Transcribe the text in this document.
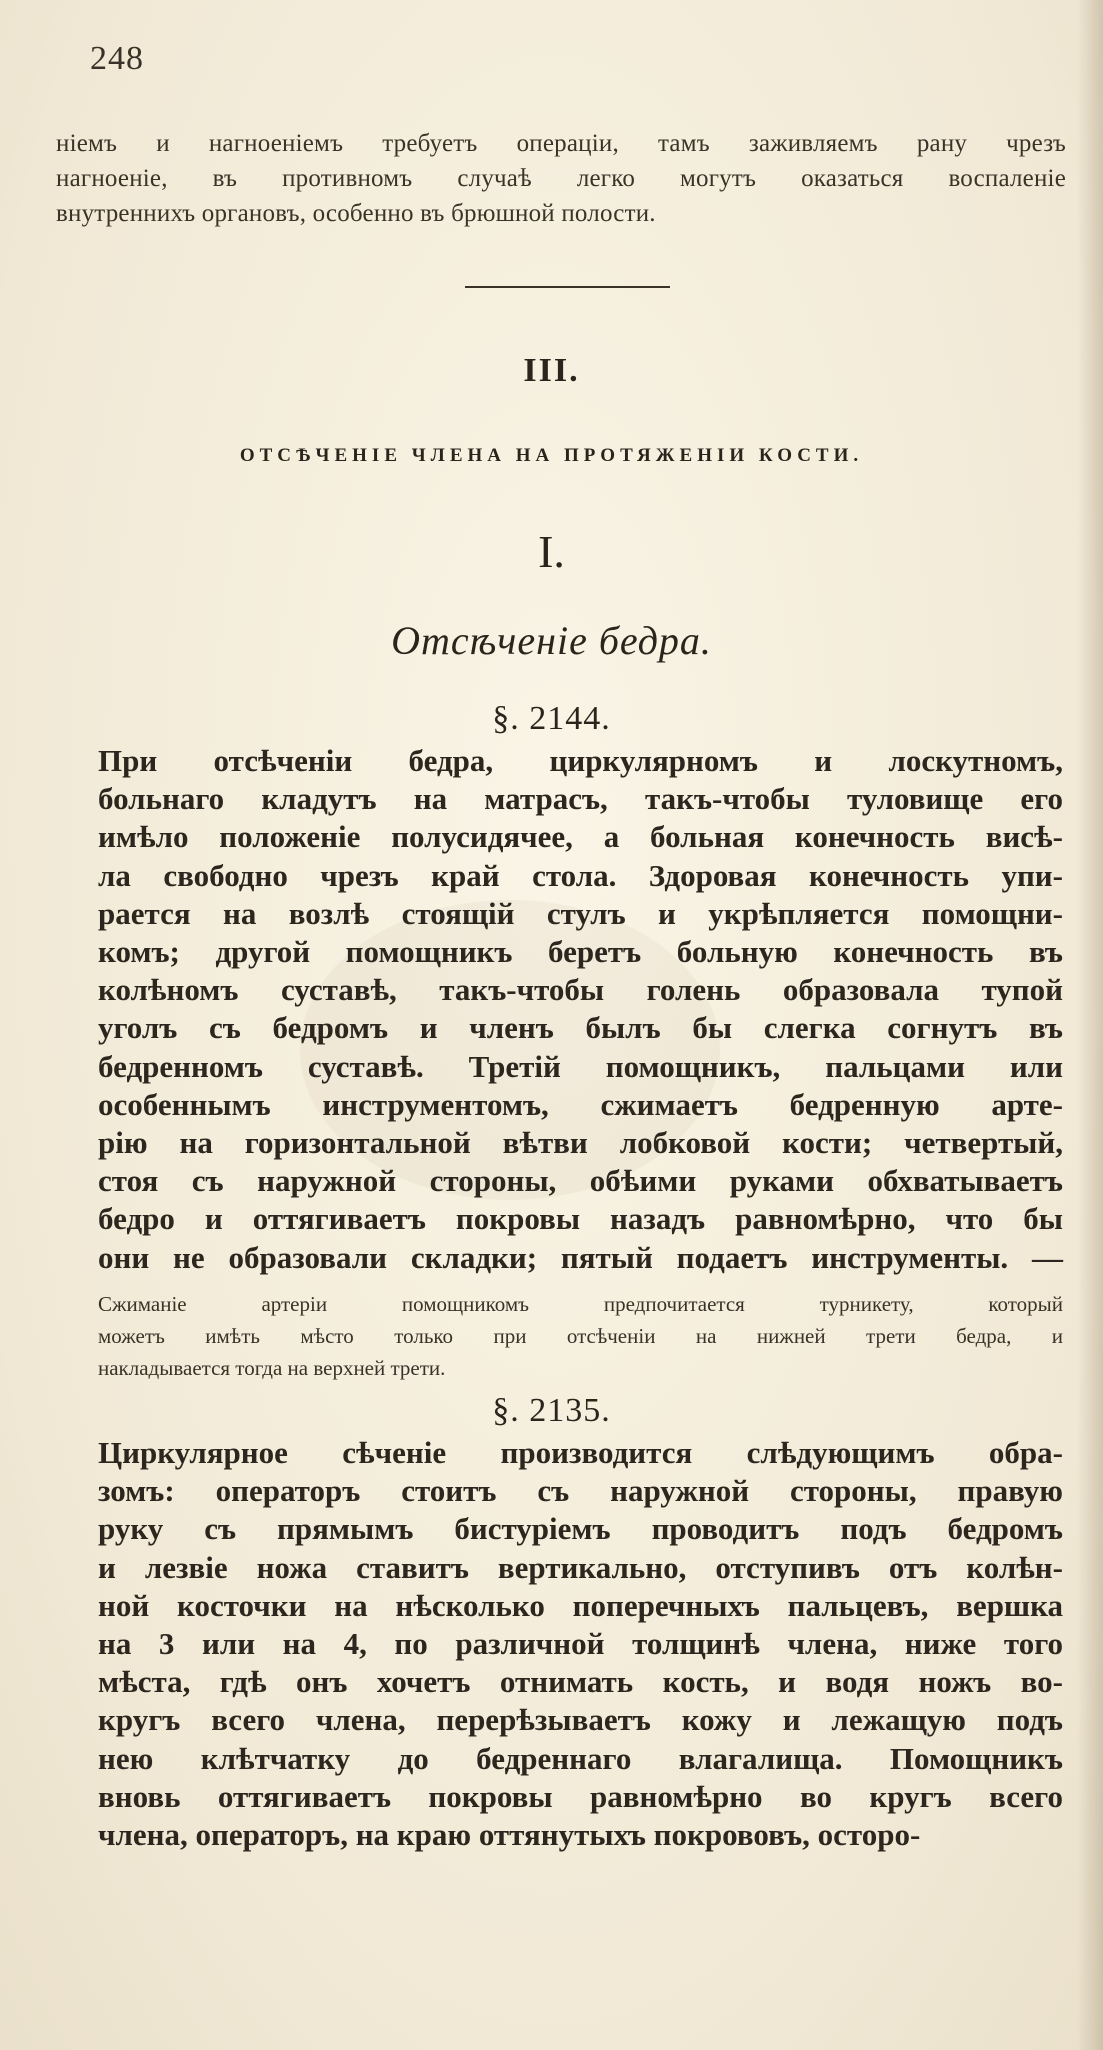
248
нiемъ и нагноенiемъ требуетъ операцiи, тамъ заживляемъ рану чрезъ
нагноенiе, въ противномъ случаѣ легко могутъ оказаться воспаленiе
внутреннихъ органовъ, особенно въ брюшной полости.
III.
ОТСѢЧЕНIЕ ЧЛЕНА НА ПРОТЯЖЕНIИ КОСТИ.
I.
Отсѣченiе бедра.
§. 2144.
При отсѣченiи бедра, циркулярномъ и лоскутномъ,
больнаго кладутъ на матрасъ, такъ-чтобы туловище его
имѣло положенiе полусидячее, а больная конечность висѣ-
ла свободно чрезъ край стола. Здоровая конечность упи-
рается на возлѣ стоящiй стулъ и укрѣпляется помощни-
комъ; другой помощникъ беретъ больную конечность въ
колѣномъ суставѣ, такъ-чтобы голень образовала тупой
уголъ съ бедромъ и членъ былъ бы слегка согнутъ въ
бедренномъ суставѣ. Третiй помощникъ, пальцами или
особеннымъ инструментомъ, сжимаетъ бедренную арте-
рiю на горизонтальной вѣтви лобковой кости; четвертый,
стоя съ наружной стороны, обѣими руками обхватываетъ
бедро и оттягиваетъ покровы назадъ равномѣрно, что бы
они не образовали складки; пятый подаетъ инструменты. —
Сжиманiе артерiи помощникомъ предпочитается турникету, который
можетъ имѣть мѣсто только при отсѣченiи на нижней трети бедра, и
накладывается тогда на верхней трети.
§. 2135.
Циркулярное сѣченiе производится слѣдующимъ обра-
зомъ: операторъ стоитъ съ наружной стороны, правую
руку съ прямымъ бистурiемъ проводитъ подъ бедромъ
и лезвiе ножа ставитъ вертикально, отступивъ отъ колѣн-
ной косточки на нѣсколько поперечныхъ пальцевъ, вершка
на 3 или на 4, по различной толщинѣ члена, ниже того
мѣста, гдѣ онъ хочетъ отнимать кость, и водя ножъ во-
кругъ всего члена, перерѣзываетъ кожу и лежащую подъ
нею клѣтчатку до бедреннаго влагалища. Помощникъ
вновь оттягиваетъ покровы равномѣрно во кругъ всего
члена, операторъ, на краю оттянутыхъ покрововъ, осторо-
